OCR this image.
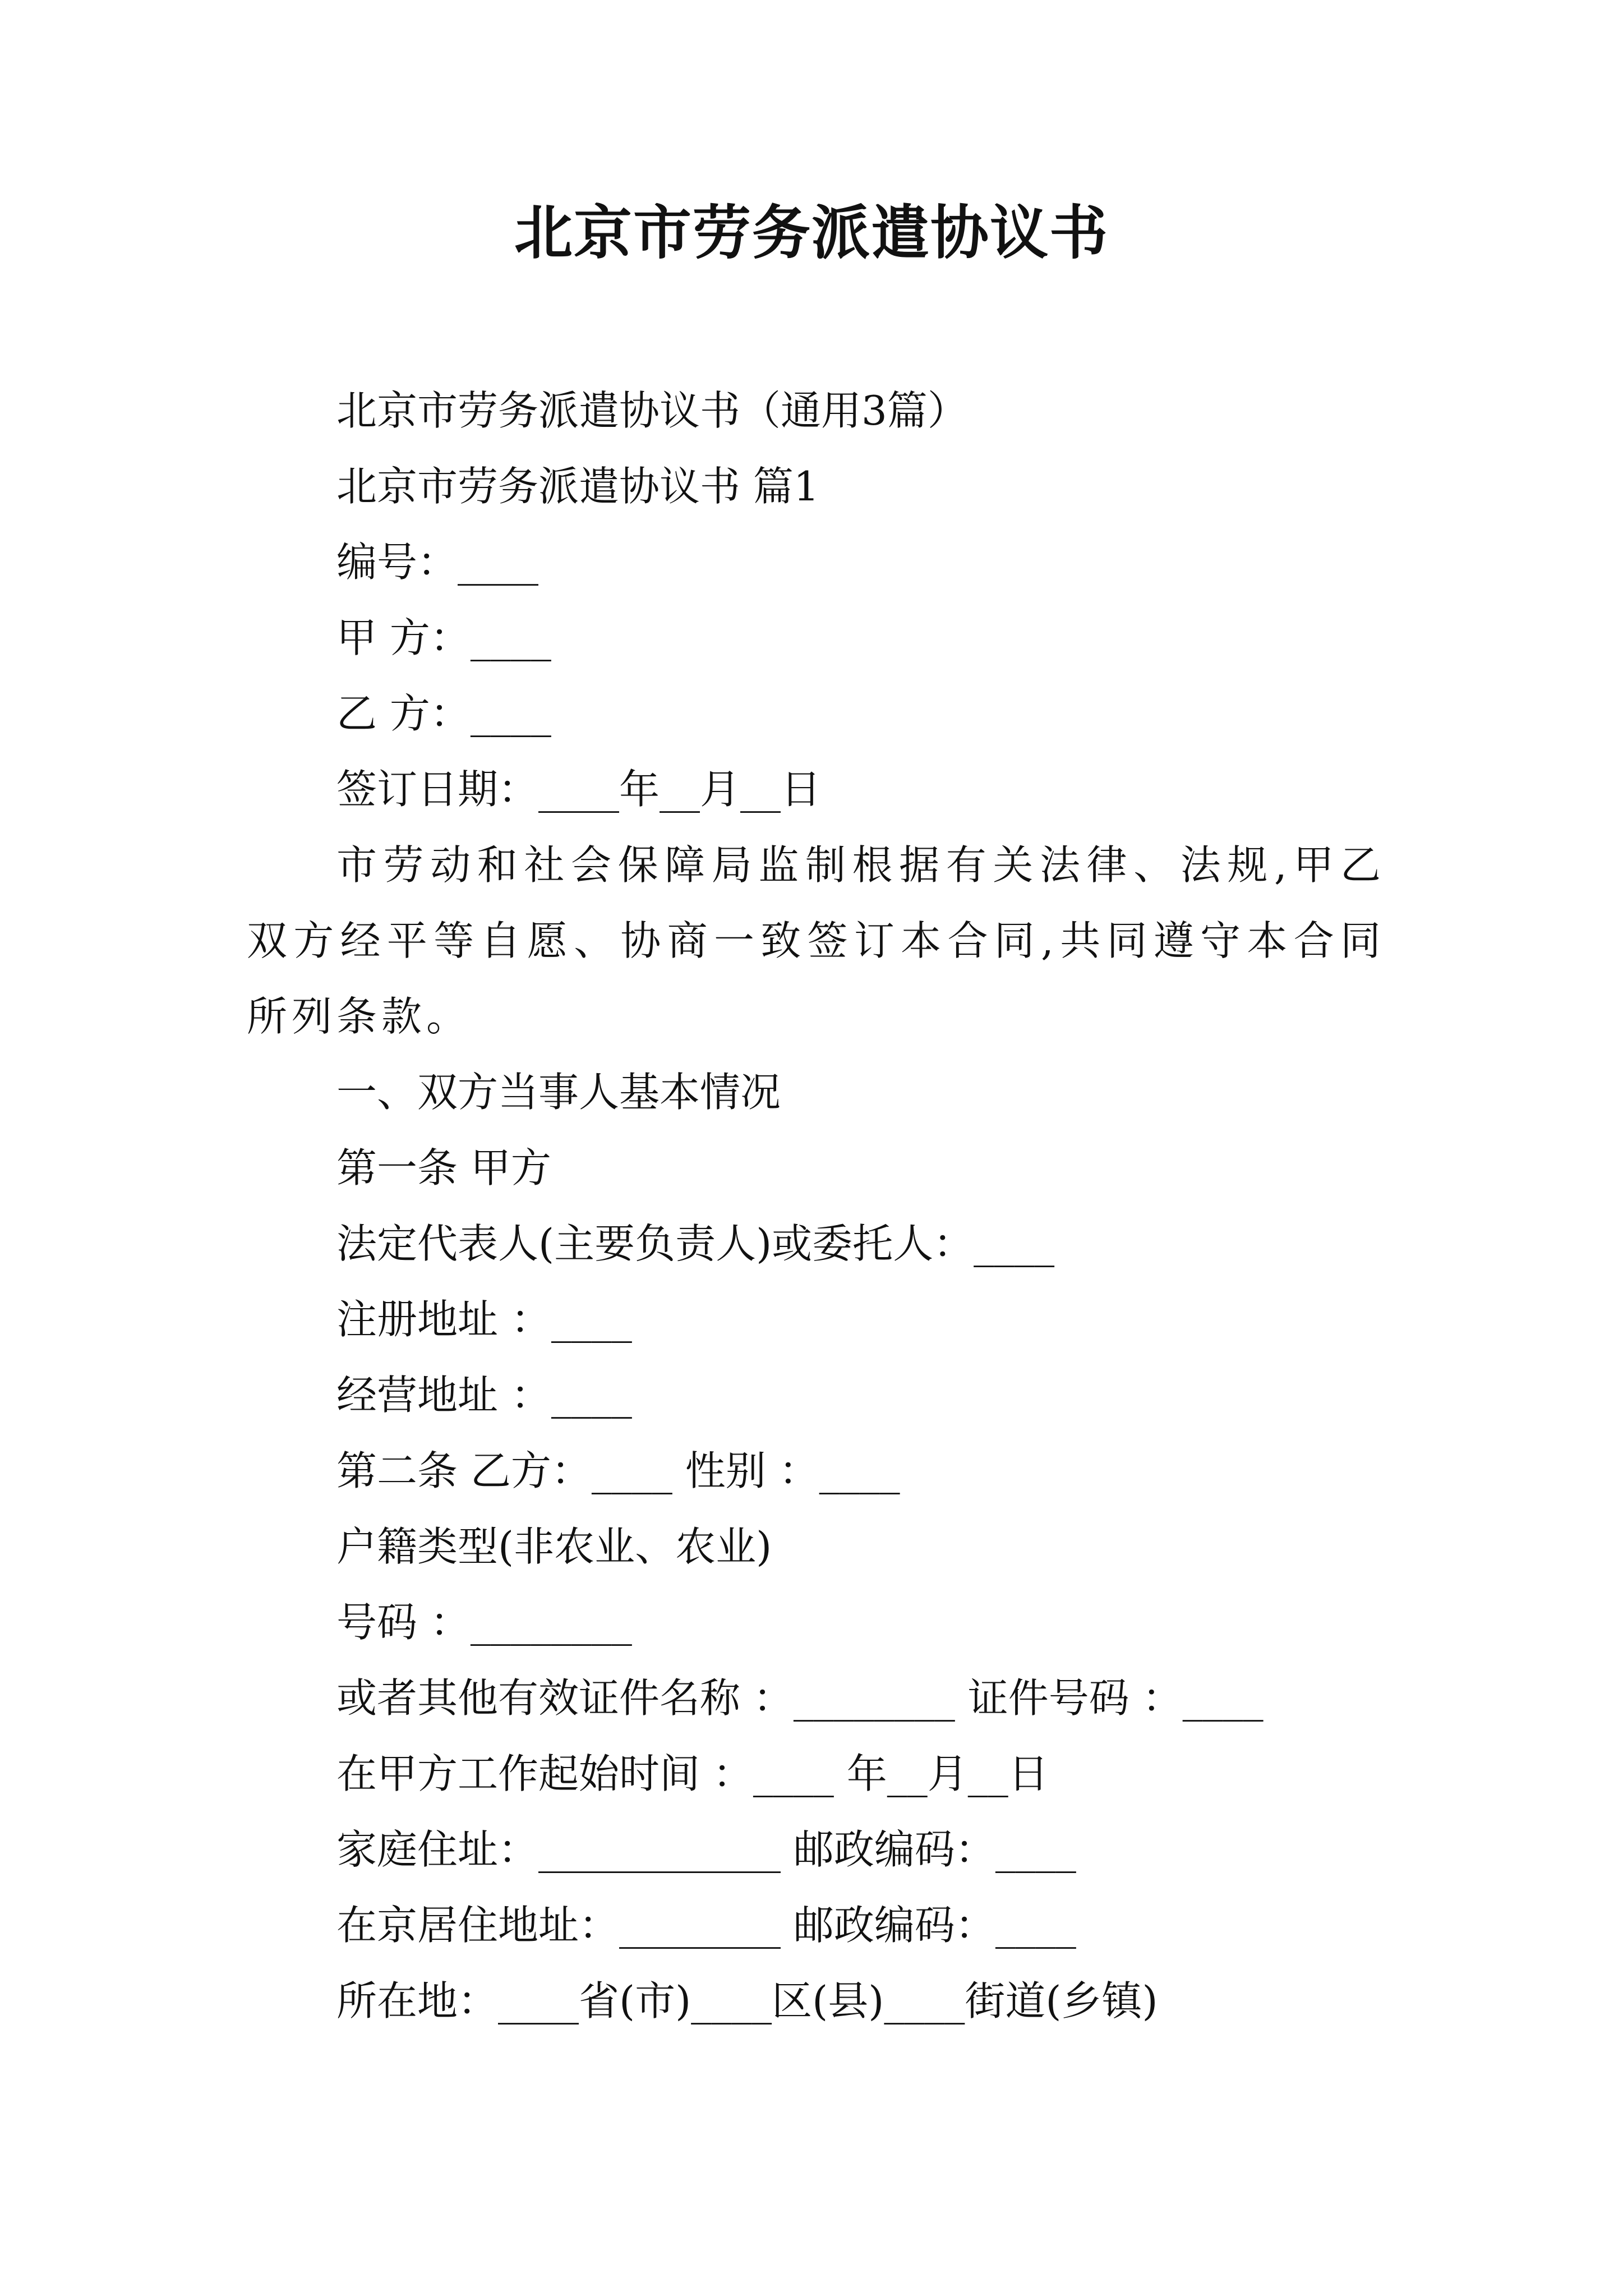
北京市劳务派遣协议书
北京市劳务派遣协议书（通用3篇）
北京市劳务派遣协议书 篇1
编号：____
甲 方：____
乙 方：____
签订日期：____年__月__日
市劳动和社会保障局监制根据有关法律、法规,甲乙双方经平等自愿、协商一致签订本合同,共同遵守本合同所列条款。
一、双方当事人基本情况
第一条 甲方
法定代表人(主要负责人)或委托人：____
注册地址 ：____
经营地址 ：____
第二条 乙方：____ 性别 ：____
户籍类型(非农业、农业)
号码 ：________
或者其他有效证件名称 ：________ 证件号码 ：____
在甲方工作起始时间 ：____ 年__月__日
家庭住址：____________ 邮政编码：____
在京居住地址：________ 邮政编码：____
所在地：____省(市)____区(县)____街道(乡镇)
